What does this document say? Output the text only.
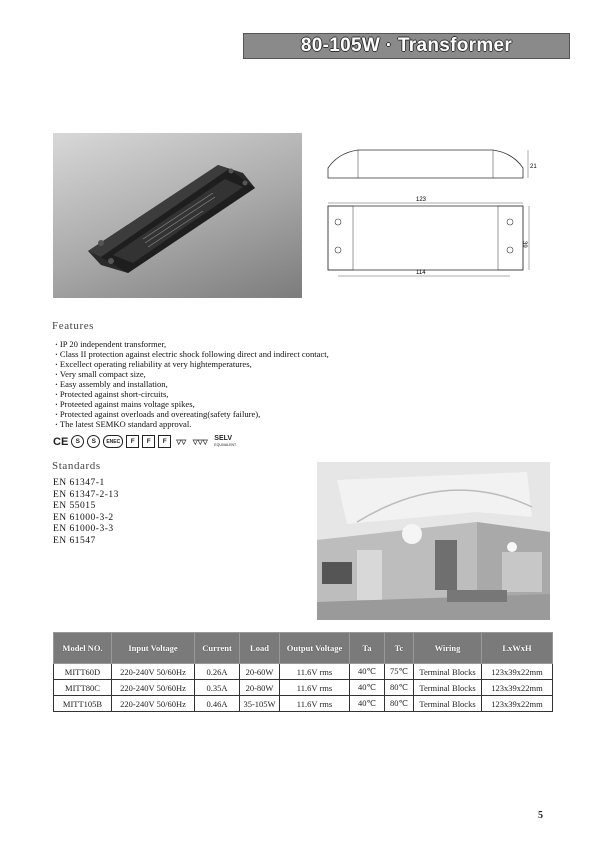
80-105W · Transformer
21
123
39
114
Features
· IP 20 independent transformer,
· Class II protection against electric shock following direct and indirect contact,
· Excellect operating reliability at very hightemperatures,
· Very small compact size,
· Easy assembly and installation,
· Protected against short-circuits,
· Proteeted against mains voltage spikes,
· Protected against overloads and overeating(safety failure),
· The latest SEMKO standard approval.
CE	S	S	ENEC	F	F	F	▽▽	▽▽▽
SELV
EQUIVALENT
Standards
EN 61347-1
EN 61347-2-13
EN 55015
EN 61000-3-2
EN 61000-3-3
EN 61547
Model NO.	Input Voltage	Current	Load	Output Voltage	Ta	Tc	Wiring	LxWxH
MITT60D	220-240V 50/60Hz	0.26A	20-60W	11.6V rms	40℃	75℃	Terminal Blocks	123x39x22mm
MITT80C	220-240V 50/60Hz	0.35A	20-80W	11.6V rms	40℃	80℃	Terminal Blocks	123x39x22mm
MITT105B	220-240V 50/60Hz	0.46A	35-105W	11.6V rms	40℃	80℃	Terminal Blocks	123x39x22mm
5
